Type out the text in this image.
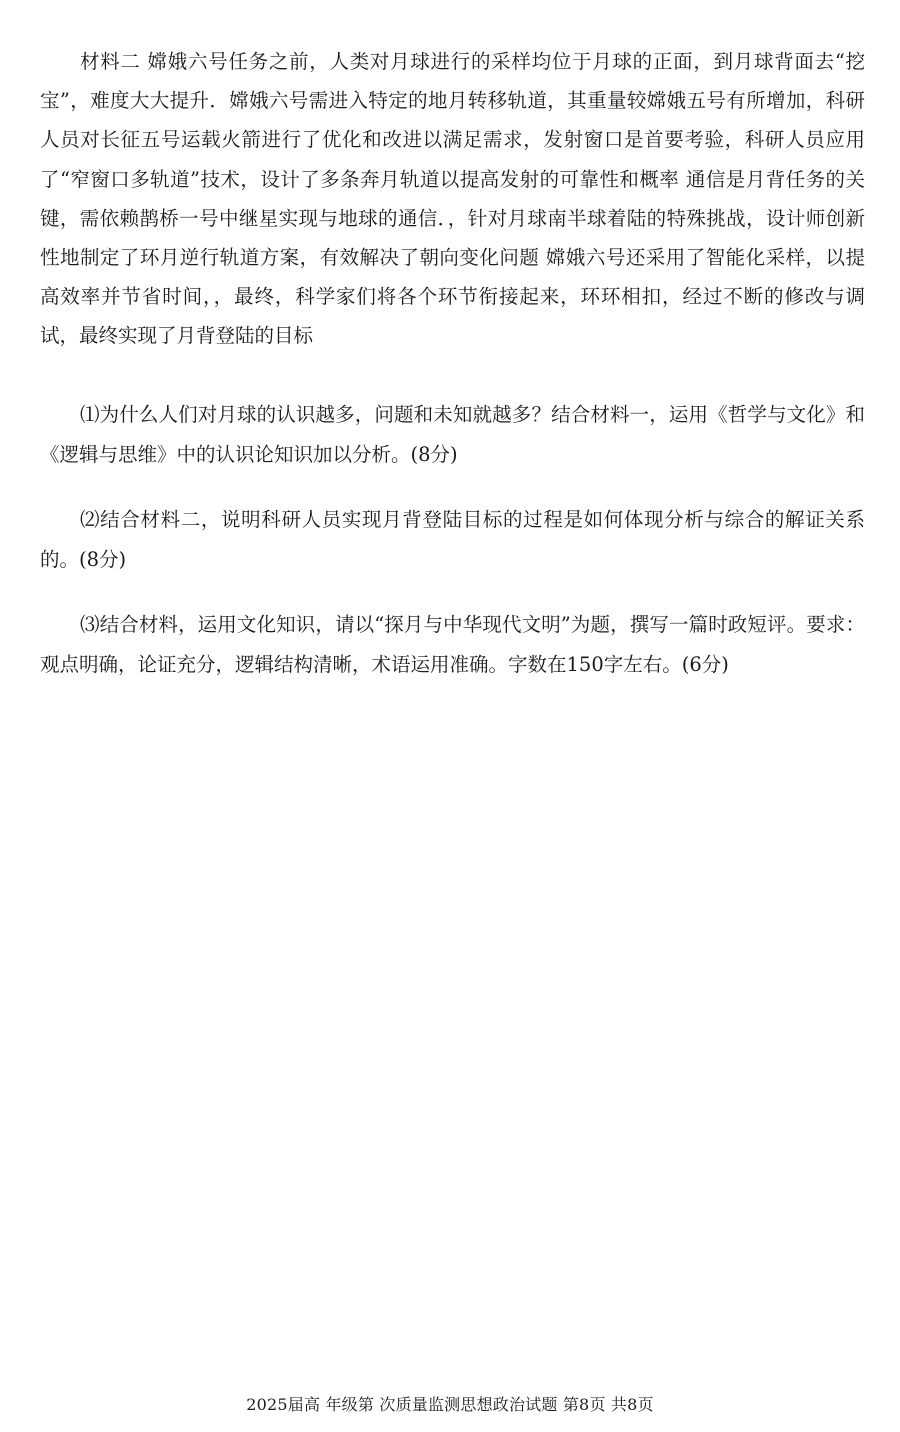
材料二 嫦娥六号任务之前，人类对月球进行的采样均位于月球的正面，到月球背面去“挖宝”，难度大大提升．嫦娥六号需进入特定的地月转移轨道，其重量较嫦娥五号有所增加，科研人员对长征五号运载火箭进行了优化和改进以满足需求，发射窗口是首要考验，科研人员应用了“窄窗口多轨道”技术，设计了多条奔月轨道以提高发射的可靠性和概率 通信是月背任务的关键，需依赖鹊桥一号中继星实现与地球的通信．，针对月球南半球着陆的特殊挑战，设计师创新性地制定了环月逆行轨道方案，有效解决了朝向变化问题 嫦娥六号还采用了智能化采样，以提高效率并节省时间，，最终，科学家们将各个环节衔接起来，环环相扣，经过不断的修改与调试，最终实现了月背登陆的目标

⑴为什么人们对月球的认识越多，问题和未知就越多？结合材料一，运用《哲学与文化》和《逻辑与思维》中的认识论知识加以分析。(8分)

⑵结合材料二，说明科研人员实现月背登陆目标的过程是如何体现分析与综合的解证关系的。(8分)

⑶结合材料，运用文化知识，请以“探月与中华现代文明”为题，撰写一篇时政短评。要求：观点明确，论证充分，逻辑结构清晰，术语运用准确。字数在150字左右。(6分)

2025届高 年级第 次质量监测思想政治试题 第8页 共8页
